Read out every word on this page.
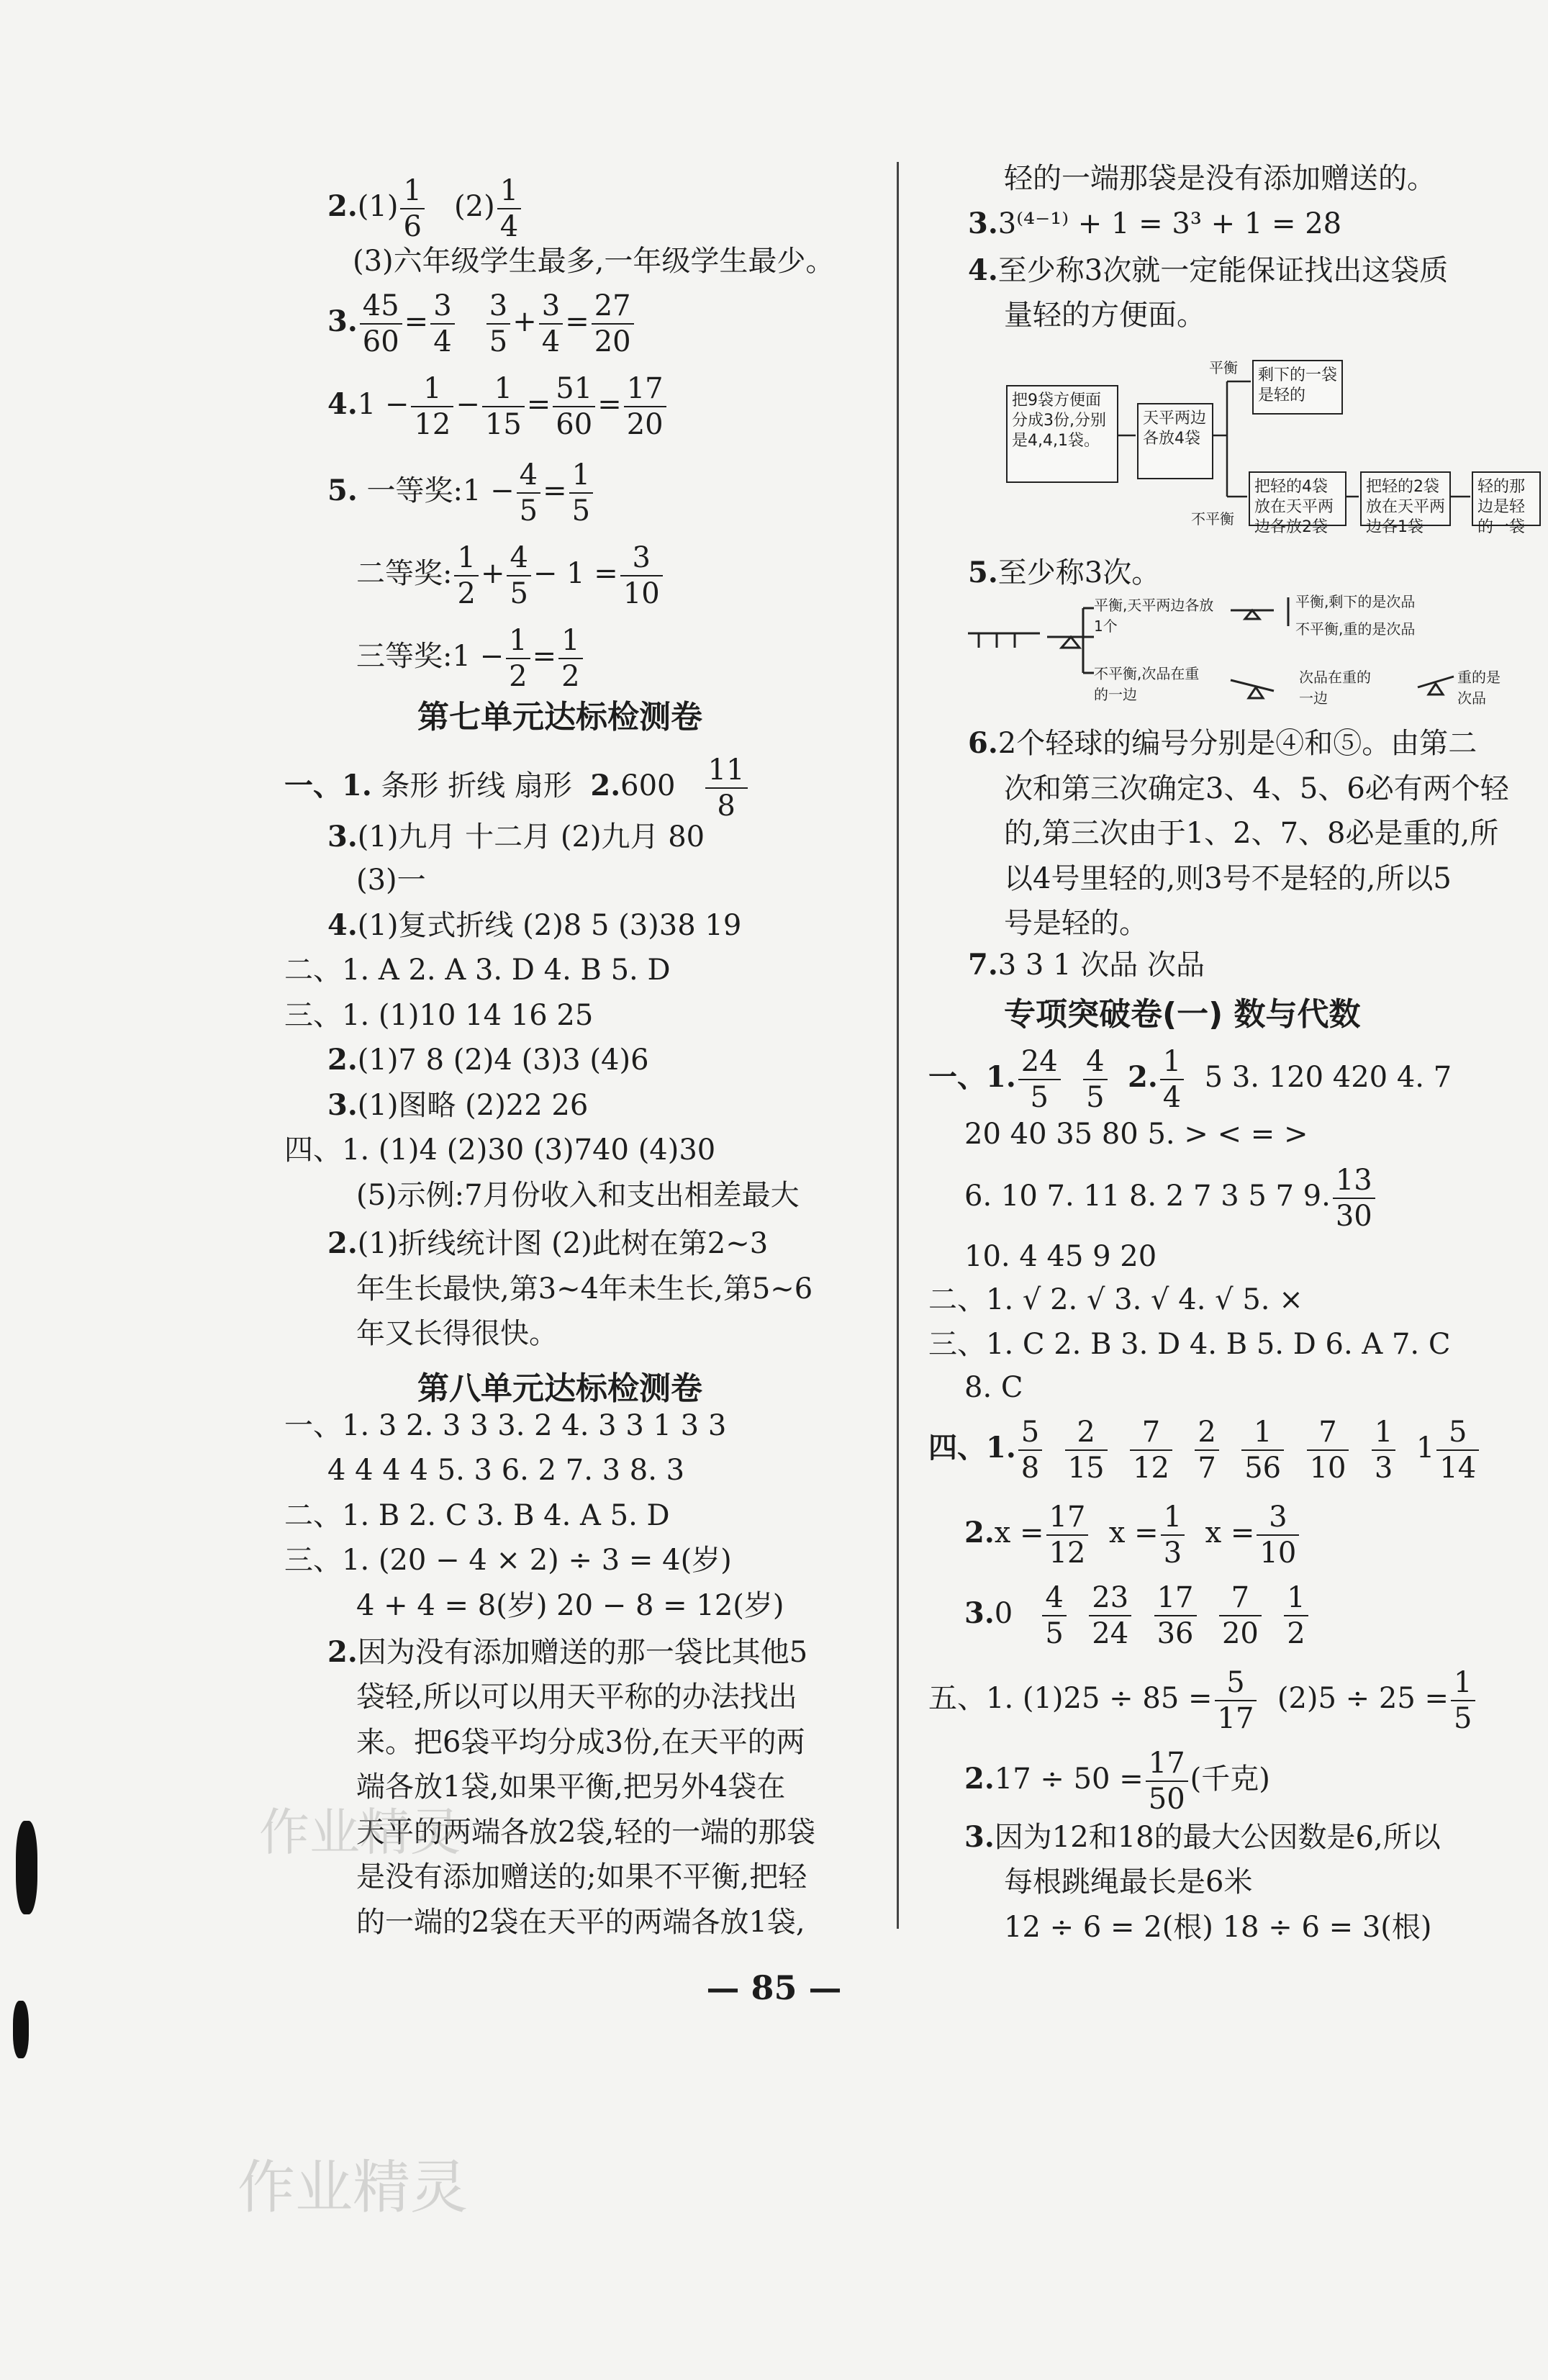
$2.(1) \frac{1}{6} (2) \frac{1}{4}$
(3)六年级学生最多,一年级学生最少。
3. $\frac{45}{60} = \frac{3}{4}$
$\frac{3}{5} + \frac{3}{4} = \frac{27}{20}$
$4.1 - \frac{1}{12} - \frac{1}{15} = \frac{51}{60} = \frac{17}{20}$
5. 一等奖:1 − $\frac{4}{5} = \frac{1}{5}$
二等奖: $\frac{1}{2} + \frac{4}{5} - 1 = \frac{3}{10}$
三等奖:1 − $\frac{1}{2} = \frac{1}{2}$
第七单元达标检测卷
一、1. 条形 折线 扇形 $2.600 \frac{11}{8}$
3.(1)九月 十二月 (2)九月 80
(3)一
4.(1)复式折线 (2)8 5 (3)38 19
二、1. A 2. A 3. D 4. B 5. D
三、1. (1)10 14 16 25
2.(1)7 8 (2)4 (3)3 (4)6
3.(1)图略 (2)22 26
四、1. (1)4 (2)30 (3)740 (4)30
(5)示例:7月份收入和支出相差最大
2.(1)折线统计图 (2)此树在第2~3
年生长最快,第3~4年未生长,第5~6
年又长得很快。
第八单元达标检测卷
一、1. 3 2. 3 3 3. 2 4. 3 3 1 3 3
4 4 4 4 5. 3 6. 2 7. 3 8. 3
二、1. B 2. C 3. B 4. A 5. D
三、1. (20 − 4 × 2) ÷ 3 = 4(岁)
4 + 4 = 8(岁) 20 − 8 = 12(岁)
2.因为没有添加赠送的那一袋比其他5
袋轻,所以可以用天平称的办法找出
来。把6袋平均分成3份,在天平的两
端各放1袋,如果平衡,把另外4袋在
天平的两端各放2袋,轻的一端的那袋
是没有添加赠送的;如果不平衡,把轻
的一端的2袋在天平的两端各放1袋,
轻的一端那袋是没有添加赠送的。
3.3⁽⁴⁻¹⁾ + 1 = 3³ + 1 = 28
4.至少称3次就一定能保证找出这袋质
量轻的方便面。
把9袋方便面分成3份,分别是4,4,1袋。
天平两边各放4袋
剩下的一袋是轻的
把轻的4袋放在天平两边各放2袋
把轻的2袋放在天平两边各1袋
轻的那边是轻的一袋
平衡
不平衡
5.至少称3次。
平衡,天平两边各放1个
平衡,剩下的是次品
不平衡,重的是次品
不平衡,次品在重的一边
次品在重的一边
重的是次品
6.2个轻球的编号分别是④和⑤。由第二
次和第三次确定3、4、5、6必有两个轻
的,第三次由于1、2、7、8必是重的,所
以4号里轻的,则3号不是轻的,所以5
号是轻的。
7.3 3 1 次品 次品
专项突破卷(一) 数与代数
一、1. $\frac{24}{5}$
$\frac{4}{5} 2$. $\frac{1}{4} 5$ 3. 120 420 4. 7
20 40 35 80 5. > < = >
6. 10 7. 11 8. 2 7 3 5 7 9. $\frac{13}{30}$
10. 4 45 9 20
二、1. √ 2. √ 3. √ 4. √ 5. ×
三、1. C 2. B 3. D 4. B 5. D 6. A 7. C
8. C
四、1. $\frac{5}{8}$
$\frac{2}{15}$
$\frac{7}{12}$
$\frac{2}{7}$
$\frac{1}{56}$
$\frac{7}{10}$
$\frac{1}{3} 1 \frac{5}{14}$
$2.x = \frac{17}{12}$ $x = \frac{1}{3}$ $x = \frac{3}{10}$
$3.0 \frac{4}{5}$
$\frac{23}{24}$
$\frac{17}{36}$
$\frac{7}{20}$
$\frac{1}{2}$
五、1. $(1)25 \div 85 = \frac{5}{17} (2)5 \div 25 = \frac{1}{5}$
$2.17 \div 50 = \frac{17}{50}$ (千克)
3.因为12和18的最大公因数是6,所以
每根跳绳最长是6米
12 ÷ 6 = 2(根) 18 ÷ 6 = 3(根)
— 85 —
作业精灵
作业精灵
